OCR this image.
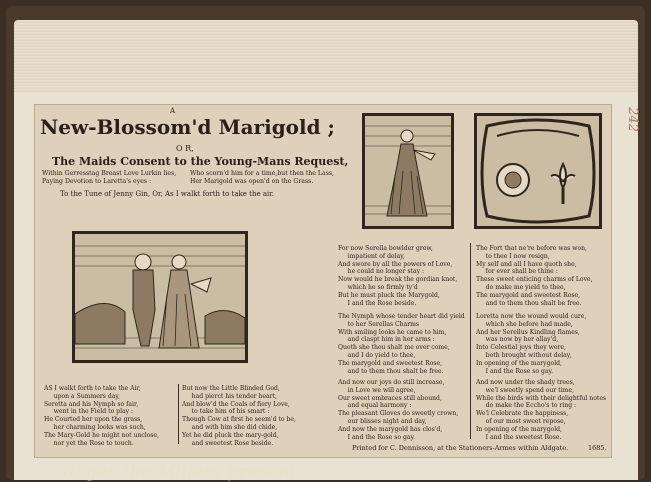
242
A
New-Blossom'd Marigold ;
O R,
The Maids Consent to the Young-Mans Request,
Within Gerresstag Breast Love Lurkin lies,
Paying Devotion to Laretta's eyes :
Who scorn'd him for a time,but then the Lass,
Her Marigold was open'd on the Grass.
To the Tune of Jenny Gin, Or, As I walkt forth to take the air.
AS I walkt forth to take the Air,
upon a Summers day,
Seretta and his Nymph so fair,
went in the Field to play :
He Courted her upon the grass,
her charming looks was such,
The Mary-Gold he might not unclose,
nor yet the Rose to touch.
But now the Little Blinded God,
had pierct his tender heart,
And blow'd the Coals of fiery Love,
to take him of his smart :
Though Cow at first he seem'd to be,
and with him she did chide,
Yet he did pluck the mary-gold,
and sweetest Rose beside.
For now Serella bowlder grew,
impatient of delay,
And swore by all the powers of Love,
he could no longer stay :
Now would he break the gordian knot,
which he so firmly ty'd
But he must pluck the Marygold,
I and the Rose beside.
The Nymph whose tender heart did yield
to her Serellas Charms
With smiling looks he came to him,
and claspt him in her arms :
Quoth she thou shalt me over come,
and I do yield to thee,
The marygold and sweetest Rose,
and to them thou shalt be free.
And now our joys do still increase,
in Love we will agree,
Our sweet embraces still abound,
and equal harmony :
The pleasant Gloves do sweetly crown,
our blisses night and day,
And now the marygold has clos'd,
I and the Rose so gay.
The Fort that ne're before was won,
to thee I now resign,
My self and all I have quoth she,
for ever shall be thine :
These sweet enticing charms of Love,
do make me yield to thee,
The marygold and sweetest Rose,
and to them thou shalt be free.
Loretta now the wound would cure,
which she before had made,
And her Serellus Kindling flames,
was now by her allay'd,
Into Celestial joys they were,
both brought without delay,
In opening of the marygold,
I and the Rose so gay.
And now under the shady trees,
we'l sweetly spend our time,
While the birds with their delightful notes
do make the Eccho's to ring :
We'l Celebrate the happiness,
of our most sweet repose,
In opening of the marygold,
I and the sweetest Rose.
Printed for C. Dennisson, at the Stationers-Armes within Aldgate.	1685.
Roger the Millers present
